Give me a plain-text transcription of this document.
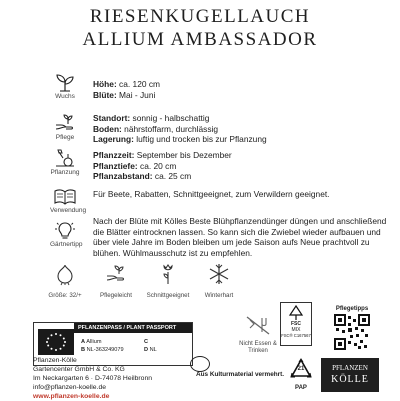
RIESENKUGELLAUCH
ALLIUM AMBASSADOR
Wuchs
Höhe: ca. 120 cm
Blüte: Mai - Juni
Pflege
Standort: sonnig - halbschattig
Boden: nährstoffarm, durchlässig
Lagerung: luftig und trocken bis zur Pflanzung
Pflanzung
Pflanzzeit: September bis Dezember
Pflanztiefe: ca. 20 cm
Pflanzabstand: ca. 25 cm
Verwendung
Für Beete, Rabatten, Schnittgeeignet, zum Verwildern geeignet.
Gärtnertipp
Nach der Blüte mit Kölles Beste Blühpflanzendünger düngen und anschließend die Blätter eintrocknen lassen. So kann sich die Zwiebel wieder aufbauen und über viele Jahre im Boden bleiben um jede Saison aufs Neue prachtvoll zu blühen. Wühlmausschutz ist zu empfehlen.
Größe: 32/+	Pflegeleicht	Schnittgeeignet	Winterhart
PFLANZENPASS / PLANT PASSPORT
A Allium
B NL-363249079
C
D NL
Nicht Essen & Trinken
FSC
MIX
FSC® C167567
Pflegetipps
Pflanzen-Kölle
Gartencenter GmbH & Co. KG
Im Neckargarten 6 · D-74078 Heilbronn
info@pflanzen-koelle.de
www.pflanzen-koelle.de
Aus Kulturmaterial vermehrt.
21
PAP
PFLANZEN
KÖLLE
